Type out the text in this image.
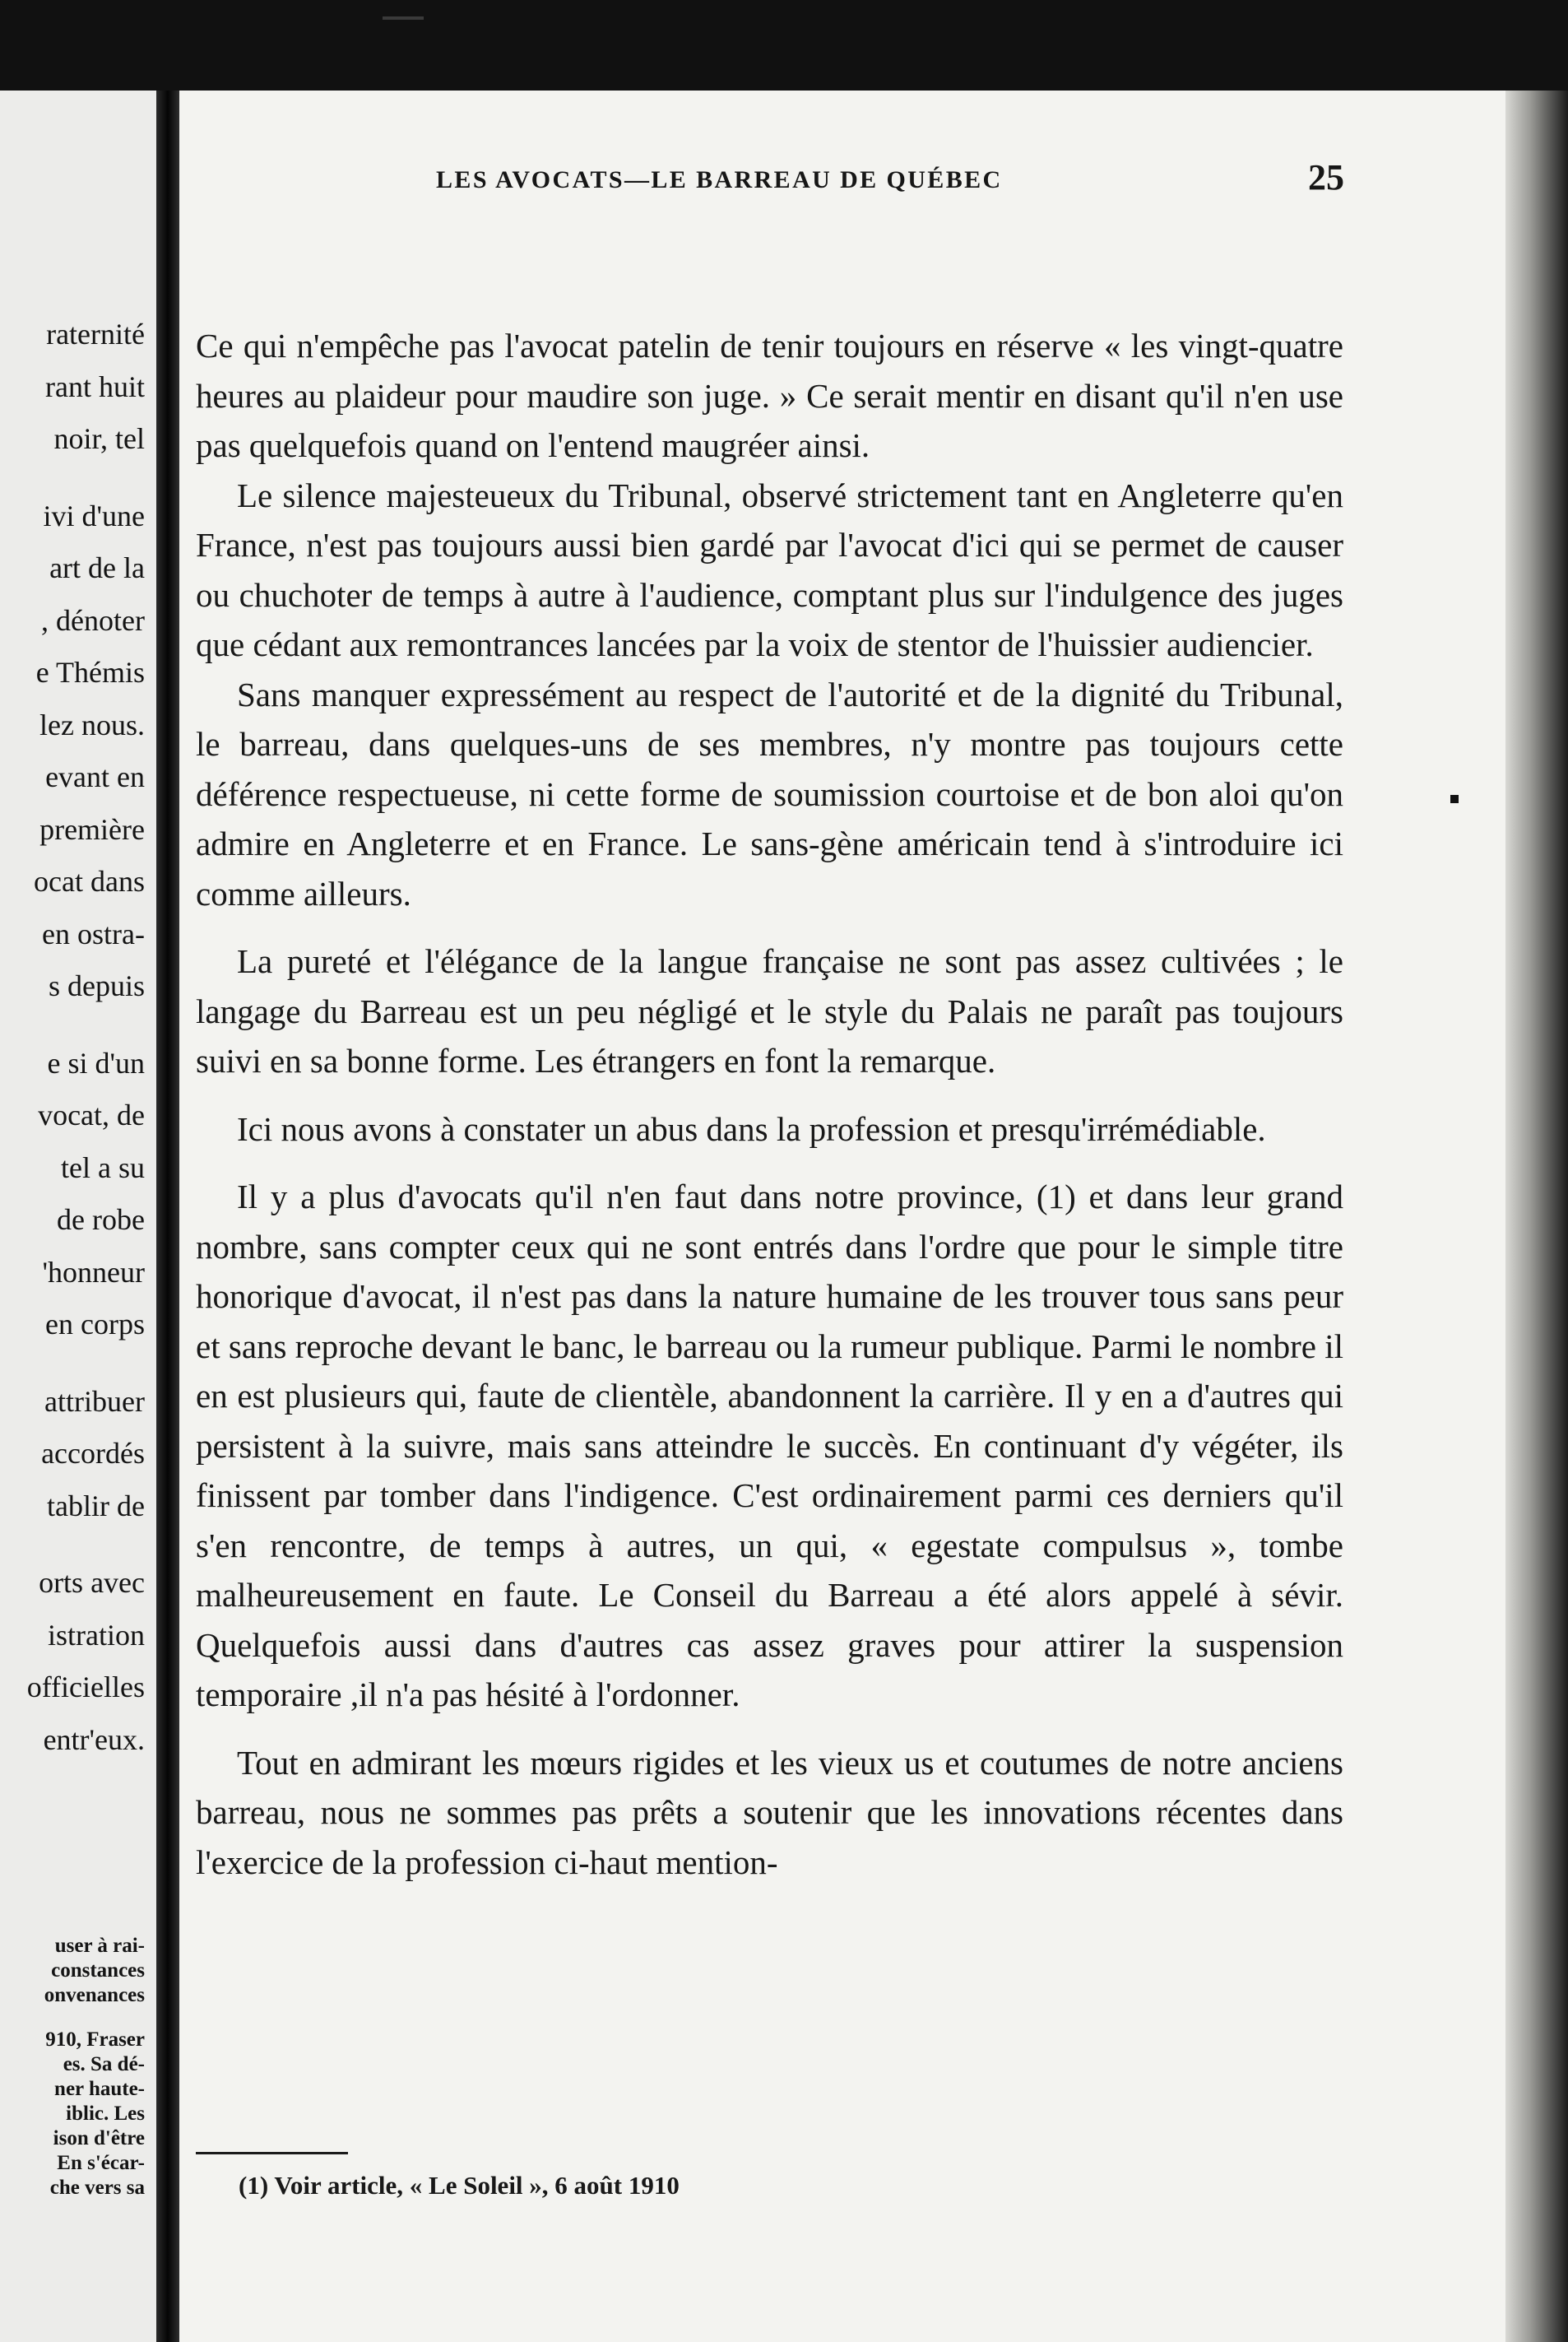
raternité
rant huit
noir, tel
ivi d'une
art de la
, dénoter
e Thémis
lez nous.
evant en
première
ocat dans
en ostra-
s depuis
e si d'un
vocat, de
tel a su
de robe
'honneur
en corps
attribuer
accordés
tablir de
orts avec
istration
officielles
entr'eux.
user à rai-
constances
onvenances
910, Fraser
es. Sa dé-
ner haute-
iblic. Les
ison d'être
En s'écar-
che vers sa
LES AVOCATS—LE BARREAU DE QUÉBEC	25

Ce qui n'empêche pas l'avocat patelin de tenir toujours en réserve « les vingt-quatre heures au plaideur pour maudire son juge. » Ce serait mentir en disant qu'il n'en use pas quelquefois quand on l'entend maugréer ainsi.

Le silence majesteueux du Tribunal, observé strictement tant en Angleterre qu'en France, n'est pas toujours aussi bien gardé par l'avocat d'ici qui se permet de causer ou chuchoter de temps à autre à l'audience, comptant plus sur l'indulgence des juges que cédant aux remontrances lancées par la voix de stentor de l'huissier audiencier.

Sans manquer expressément au respect de l'autorité et de la dignité du Tribunal, le barreau, dans quelques-uns de ses membres, n'y montre pas toujours cette déférence respectueuse, ni cette forme de soumission courtoise et de bon aloi qu'on admire en Angleterre et en France. Le sans-gène américain tend à s'introduire ici comme ailleurs.

La pureté et l'élégance de la langue française ne sont pas assez cultivées ; le langage du Barreau est un peu négligé et le style du Palais ne paraît pas toujours suivi en sa bonne forme. Les étrangers en font la remarque.

Ici nous avons à constater un abus dans la profession et presqu'irrémédiable.

Il y a plus d'avocats qu'il n'en faut dans notre province, (1) et dans leur grand nombre, sans compter ceux qui ne sont entrés dans l'ordre que pour le simple titre honorique d'avocat, il n'est pas dans la nature humaine de les trouver tous sans peur et sans reproche devant le banc, le barreau ou la rumeur publique. Parmi le nombre il en est plusieurs qui, faute de clientèle, abandonnent la carrière. Il y en a d'autres qui persistent à la suivre, mais sans atteindre le succès. En continuant d'y végéter, ils finissent par tomber dans l'indigence. C'est ordinairement parmi ces derniers qu'il s'en rencontre, de temps à autres, un qui, « egestate compulsus », tombe malheureusement en faute. Le Conseil du Barreau a été alors appelé à sévir. Quelquefois aussi dans d'autres cas assez graves pour attirer la suspension temporaire ,il n'a pas hésité à l'ordonner.

Tout en admirant les mœurs rigides et les vieux us et coutumes de notre anciens barreau, nous ne sommes pas prêts a soutenir que les innovations récentes dans l'exercice de la profession ci-haut mention-

(1) Voir article, « Le Soleil », 6 août 1910
